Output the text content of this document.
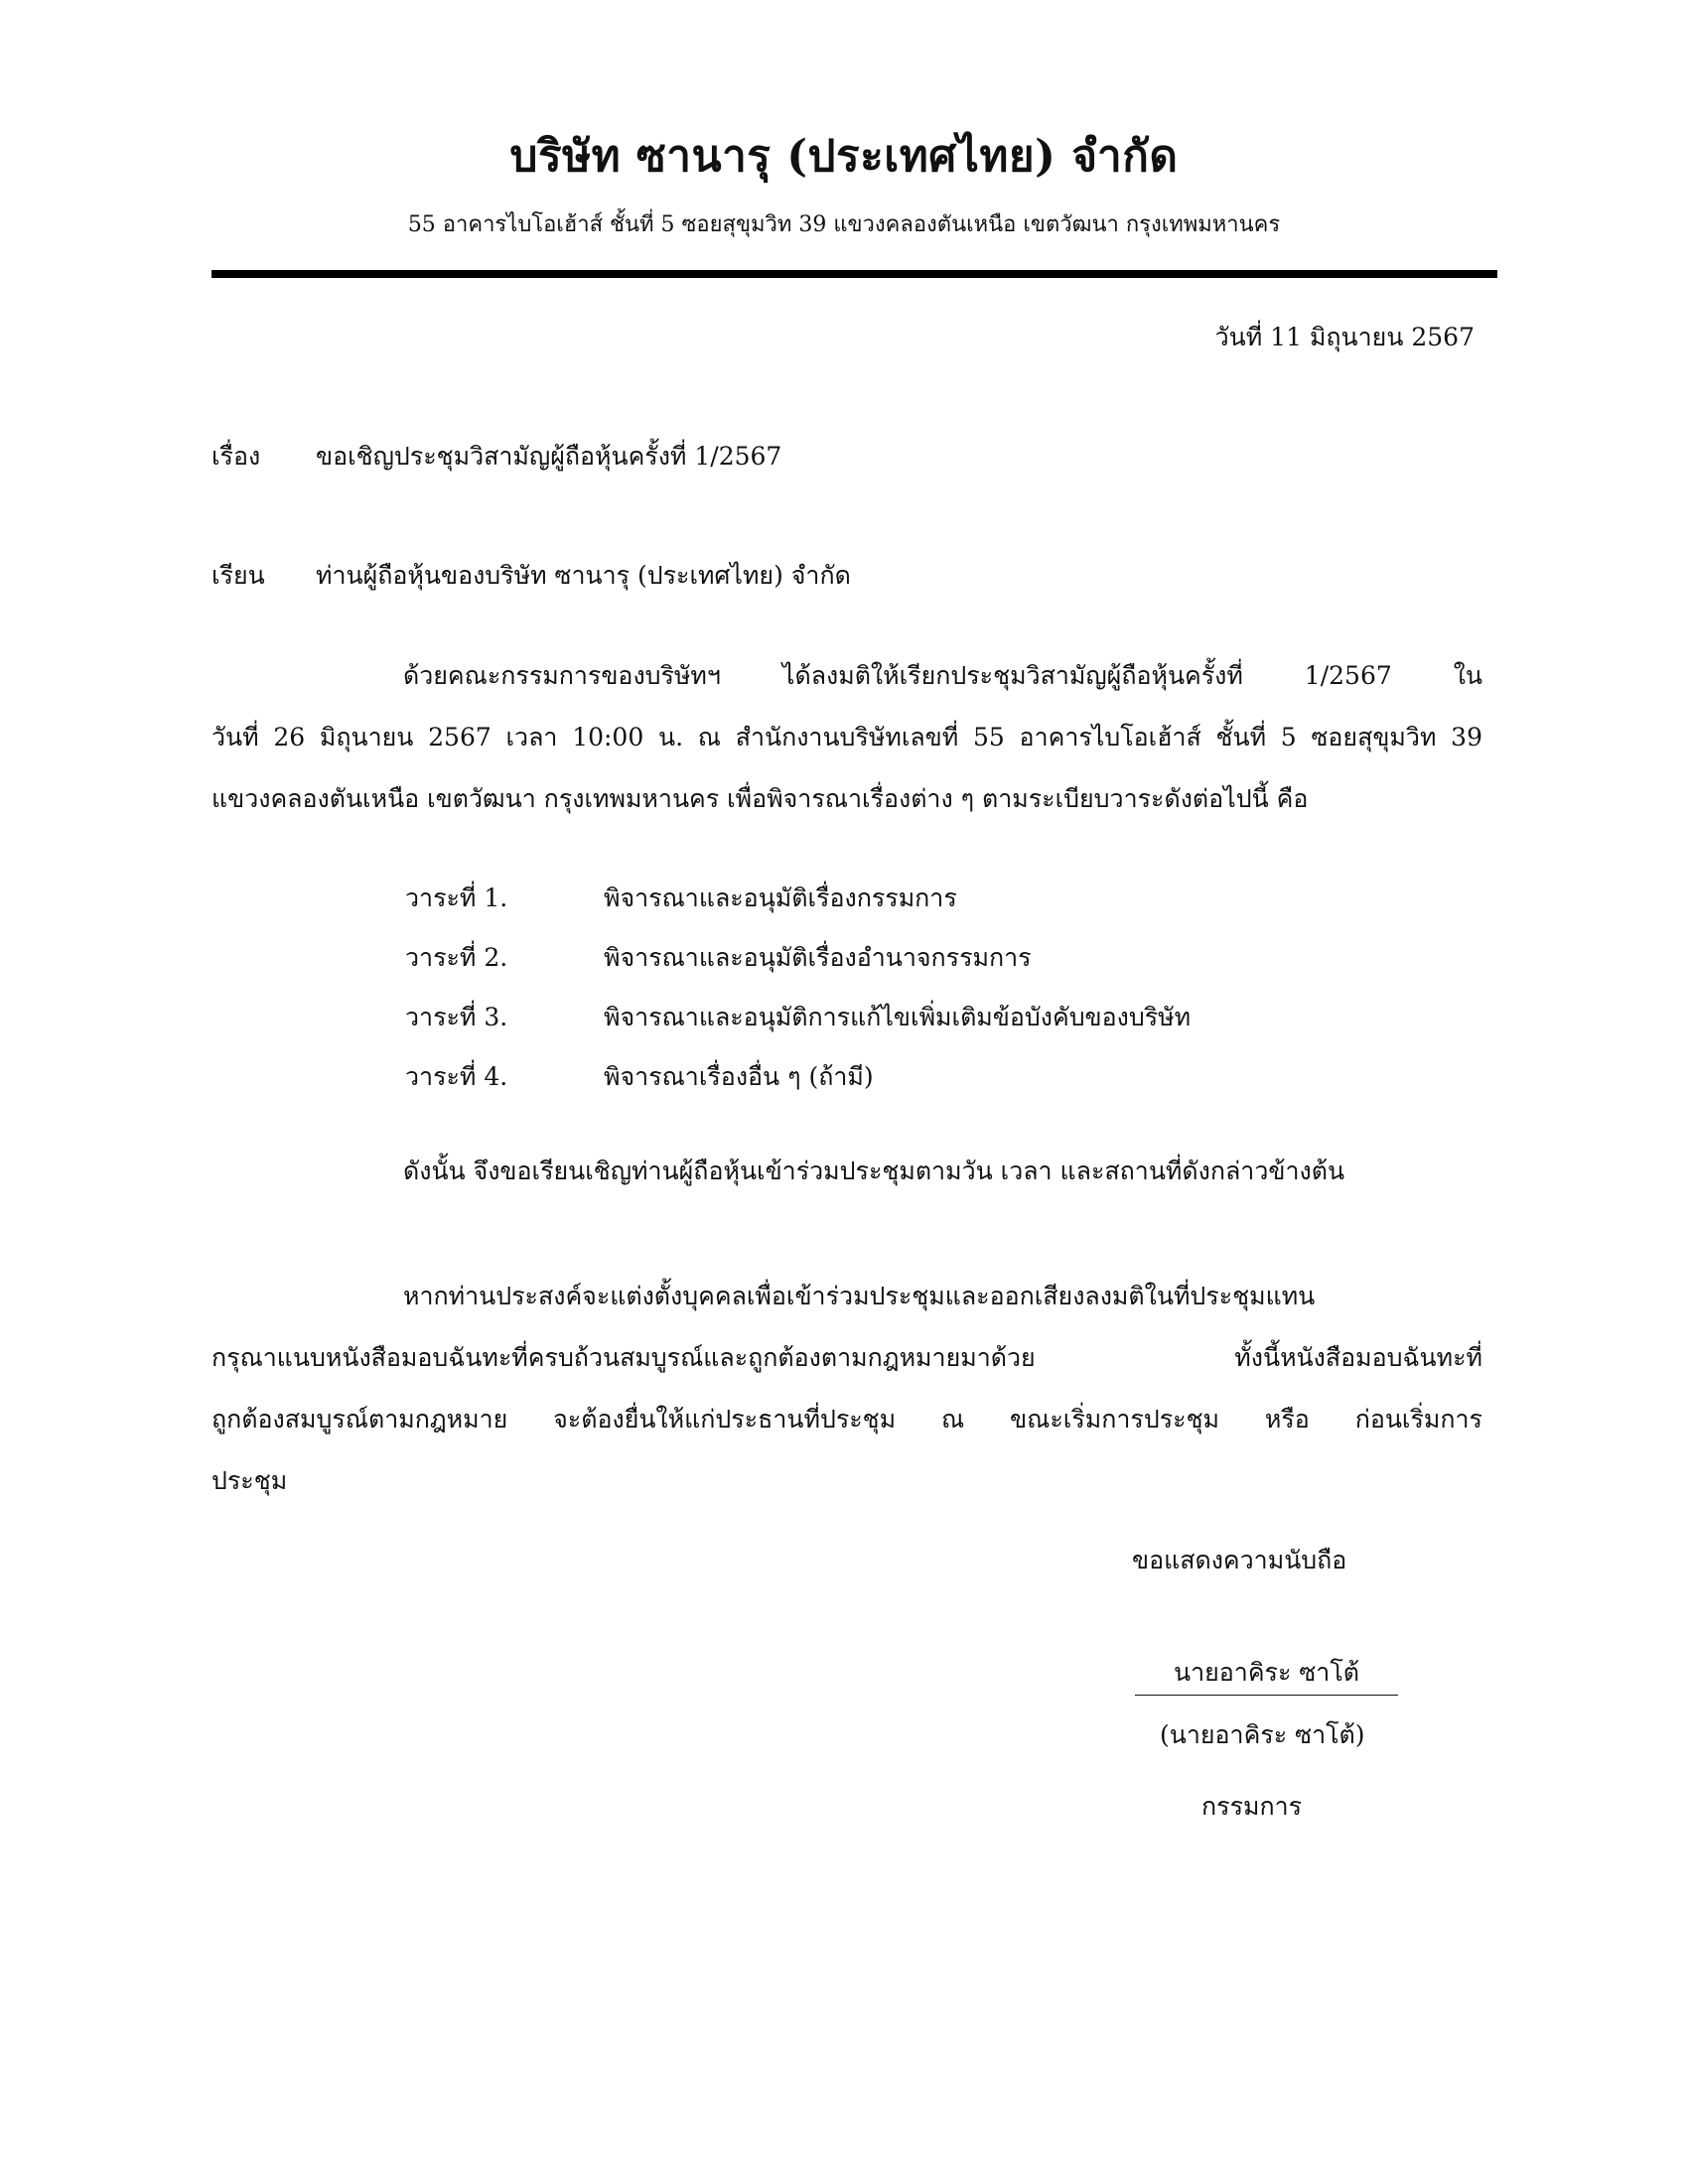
บริษัท ซานารุ (ประเทศไทย) จำกัด
55 อาคารไบโอเฮ้าส์ ชั้นที่ 5 ซอยสุขุมวิท 39 แขวงคลองตันเหนือ เขตวัฒนา กรุงเทพมหานคร
วันที่ 11 มิถุนายน 2567
เรื่อง ขอเชิญประชุมวิสามัญผู้ถือหุ้นครั้งที่ 1/2567
เรียน ท่านผู้ถือหุ้นของบริษัท ซานารุ (ประเทศไทย) จำกัด
ด้วยคณะกรรมการของบริษัทฯ ได้ลงมติให้เรียกประชุมวิสามัญผู้ถือหุ้นครั้งที่ 1/2567 ใน
วันที่ 26 มิถุนายน 2567 เวลา 10:00 น. ณ สำนักงานบริษัทเลขที่ 55 อาคารไบโอเฮ้าส์ ชั้นที่ 5 ซอยสุขุมวิท 39
แขวงคลองตันเหนือ เขตวัฒนา กรุงเทพมหานคร เพื่อพิจารณาเรื่องต่าง ๆ ตามระเบียบวาระดังต่อไปนี้ คือ
วาระที่ 1.	พิจารณาและอนุมัติเรื่องกรรมการ
วาระที่ 2.	พิจารณาและอนุมัติเรื่องอำนาจกรรมการ
วาระที่ 3.	พิจารณาและอนุมัติการแก้ไขเพิ่มเติมข้อบังคับของบริษัท
วาระที่ 4.	พิจารณาเรื่องอื่น ๆ (ถ้ามี)
ดังนั้น จึงขอเรียนเชิญท่านผู้ถือหุ้นเข้าร่วมประชุมตามวัน เวลา และสถานที่ดังกล่าวข้างต้น
หากท่านประสงค์จะแต่งตั้งบุคคลเพื่อเข้าร่วมประชุมและออกเสียงลงมติในที่ประชุมแทน
กรุณาแนบหนังสือมอบฉันทะที่ครบถ้วนสมบูรณ์และถูกต้องตามกฎหมายมาด้วย ทั้งนี้หนังสือมอบฉันทะที่
ถูกต้องสมบูรณ์ตามกฎหมาย จะต้องยื่นให้แก่ประธานที่ประชุม ณ ขณะเริ่มการประชุม หรือ ก่อนเริ่มการ
ประชุม
ขอแสดงความนับถือ
นายอาคิระ ซาโต้
(นายอาคิระ ซาโต้)
กรรมการ
